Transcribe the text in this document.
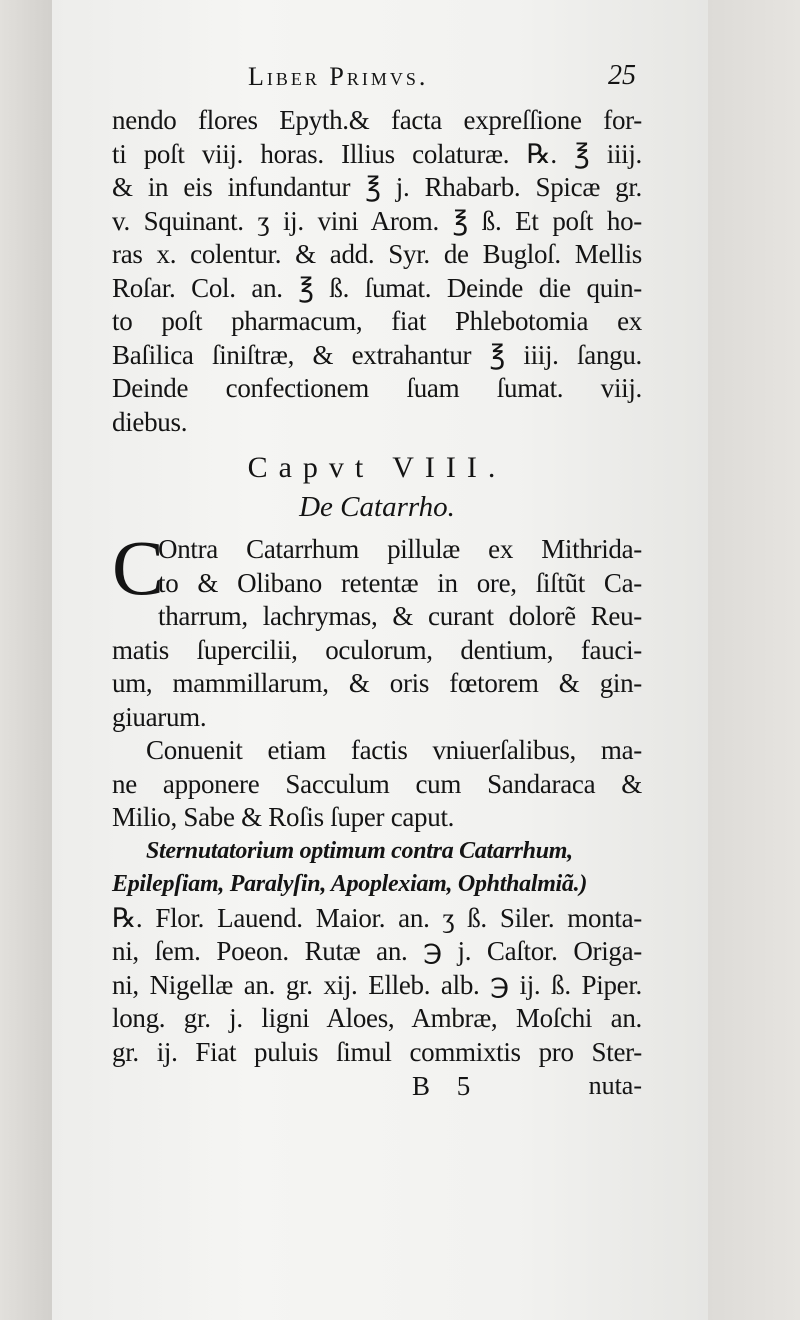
Liber Primvs.	25
nendo flores Epyth.& facta expreſſione for-
ti poſt viij. horas. Illius colaturæ. ℞. ℥ iiij.
& in eis infundantur ℥ j. Rhabarb. Spicæ gr.
v. Squinant. ʒ ij. vini Arom. ℥ ß. Et poſt ho-
ras x. colentur. & add. Syr. de Bugloſ. Mellis
Roſar. Col. an. ℥ ß. ſumat. Deinde die quin-
to poſt pharmacum, fiat Phlebotomia ex
Baſilica ſiniſtræ, & extrahantur ℥ iiij. ſangu.
Deinde confectionem ſuam ſumat. viij.
diebus.
Capvt VIII.
De Catarrho.
C
Ontra Catarrhum pillulæ ex Mithrida-
to & Olibano retentæ in ore, ſiſtũt Ca-
tharrum, lachrymas, & curant dolorẽ Reu-
matis ſupercilii, oculorum, dentium, fauci-
um, mammillarum, & oris fœtorem & gin-
giuarum.
Conuenit etiam factis vniuerſalibus, ma-
ne apponere Sacculum cum Sandaraca &
Milio, Sabe & Roſis ſuper caput.
Sternutatorium optimum contra Catarrhum,
Epilepſiam, Paralyſin, Apoplexiam, Ophthalmiã.)
℞. Flor. Lauend. Maior. an. ʒ ß. Siler. monta-
ni, ſem. Poeon. Rutæ an. ℈ j. Caſtor. Origa-
ni, Nigellæ an. gr. xij. Elleb. alb. ℈ ij. ß. Piper.
long. gr. j. ligni Aloes, Ambræ, Moſchi an.
gr. ij. Fiat puluis ſimul commixtis pro Ster-
B 5	nuta-
